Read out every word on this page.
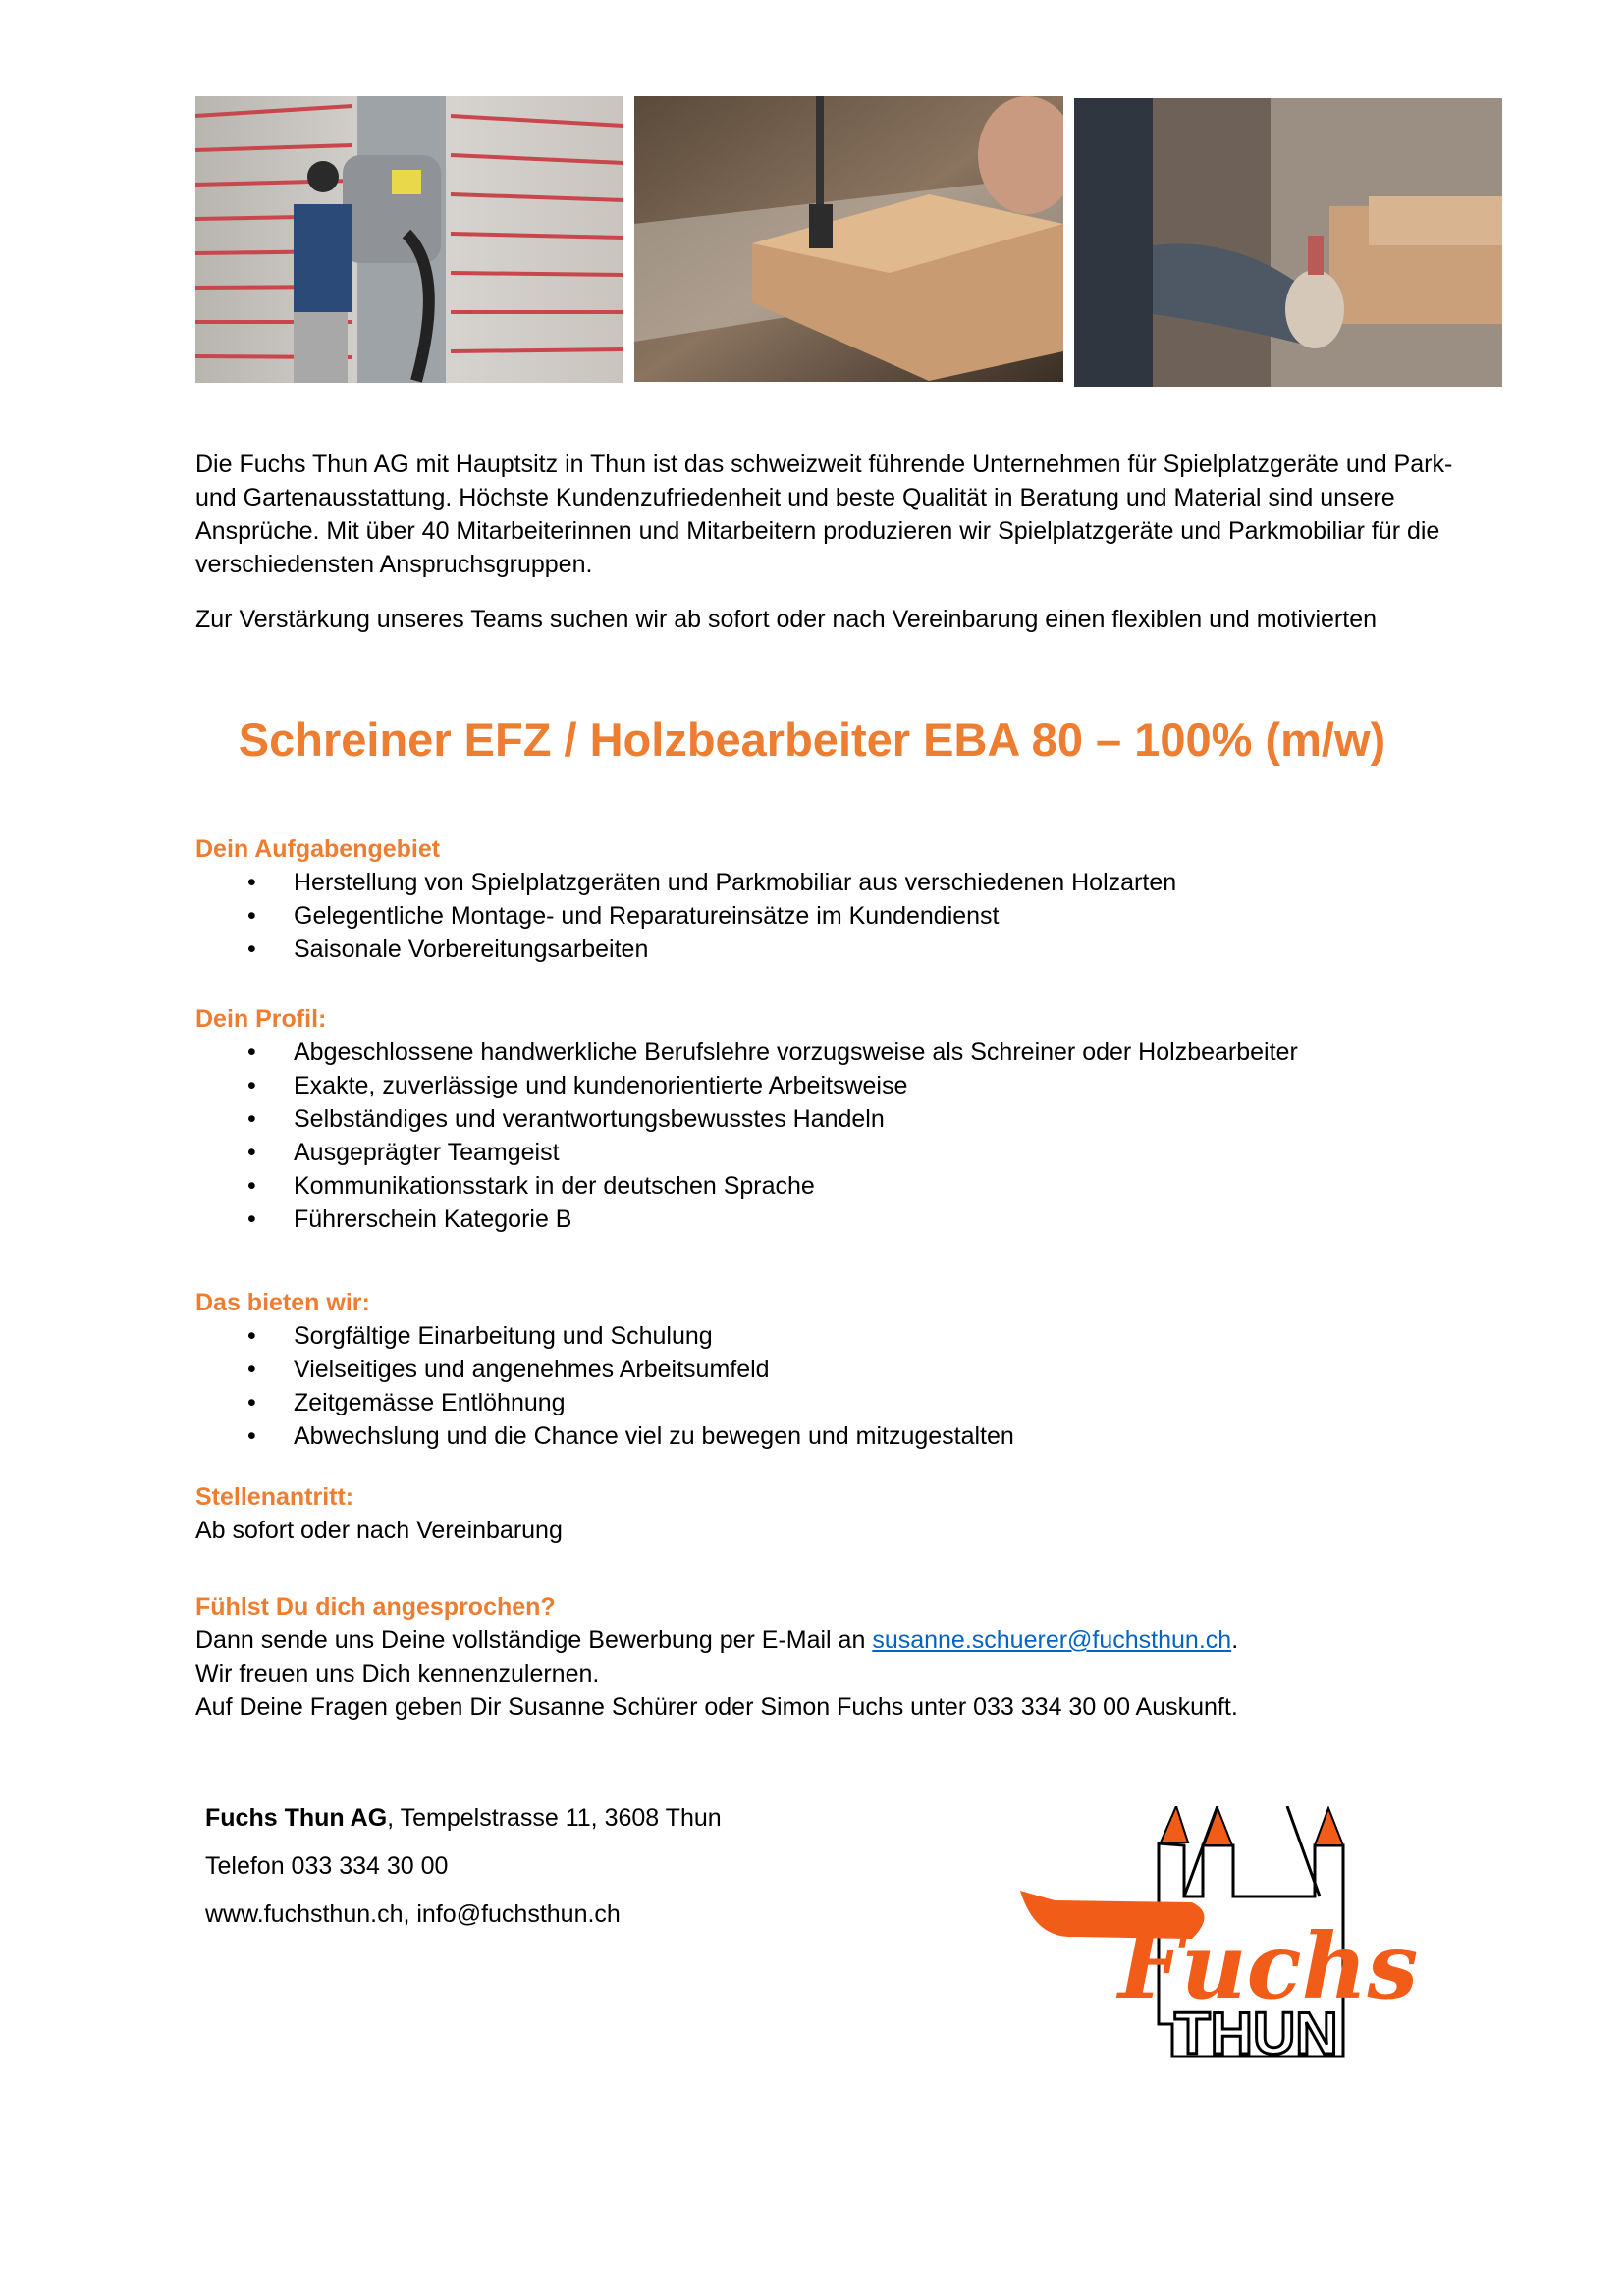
Die Fuchs Thun AG mit Hauptsitz in Thun ist das schweizweit führende Unternehmen für Spielplatzgeräte und Park- und Gartenausstattung. Höchste Kundenzufriedenheit und beste Qualität in Beratung und Material sind unsere Ansprüche. Mit über 40 Mitarbeiterinnen und Mitarbeitern produzieren wir Spielplatzgeräte und Parkmobiliar für die verschiedensten Anspruchsgruppen.
Zur Verstärkung unseres Teams suchen wir ab sofort oder nach Vereinbarung einen flexiblen und motivierten
Schreiner EFZ / Holzbearbeiter EBA 80 – 100% (m/w)
Dein Aufgabengebiet
• Herstellung von Spielplatzgeräten und Parkmobiliar aus verschiedenen Holzarten
• Gelegentliche Montage- und Reparatureinsätze im Kundendienst
• Saisonale Vorbereitungsarbeiten
Dein Profil:
• Abgeschlossene handwerkliche Berufslehre vorzugsweise als Schreiner oder Holzbearbeiter
• Exakte, zuverlässige und kundenorientierte Arbeitsweise
• Selbständiges und verantwortungsbewusstes Handeln
• Ausgeprägter Teamgeist
• Kommunikationsstark in der deutschen Sprache
• Führerschein Kategorie B
Das bieten wir:
• Sorgfältige Einarbeitung und Schulung
• Vielseitiges und angenehmes Arbeitsumfeld
• Zeitgemässe Entlöhnung
• Abwechslung und die Chance viel zu bewegen und mitzugestalten
Stellenantritt:
Ab sofort oder nach Vereinbarung
Fühlst Du dich angesprochen?
Dann sende uns Deine vollständige Bewerbung per E-Mail an susanne.schuerer@fuchsthun.ch.
Wir freuen uns Dich kennenzulernen.
Auf Deine Fragen geben Dir Susanne Schürer oder Simon Fuchs unter 033 334 30 00 Auskunft.
Fuchs Thun AG, Tempelstrasse 11, 3608 Thun
Telefon 033 334 30 00
www.fuchsthun.ch, info@fuchsthun.ch	Fuchs
THUN
